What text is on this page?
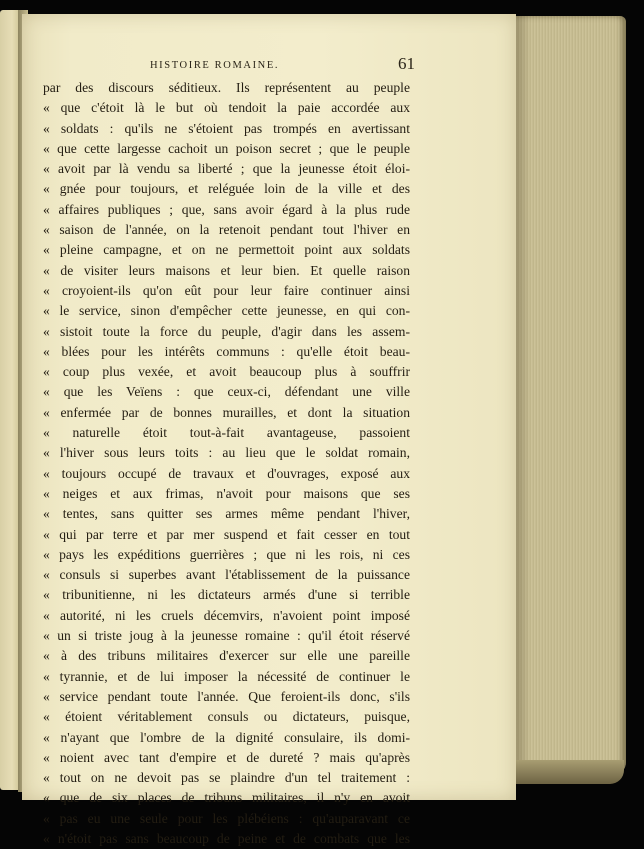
HISTOIRE ROMAINE.	61
par des discours séditieux. Ils représentent au peuple
« que c'étoit là le but où tendoit la paie accordée aux
« soldats : qu'ils ne s'étoient pas trompés en avertissant
« que cette largesse cachoit un poison secret ; que le peuple
« avoit par là vendu sa liberté ; que la jeunesse étoit éloi-
« gnée pour toujours, et reléguée loin de la ville et des
« affaires publiques ; que, sans avoir égard à la plus rude
« saison de l'année, on la retenoit pendant tout l'hiver en
« pleine campagne, et on ne permettoit point aux soldats
« de visiter leurs maisons et leur bien. Et quelle raison
« croyoient-ils qu'on eût pour leur faire continuer ainsi
« le service, sinon d'empêcher cette jeunesse, en qui con-
« sistoit toute la force du peuple, d'agir dans les assem-
« blées pour les intérêts communs : qu'elle étoit beau-
« coup plus vexée, et avoit beaucoup plus à souffrir
« que les Veïens : que ceux-ci, défendant une ville
« enfermée par de bonnes murailles, et dont la situation
« naturelle étoit tout-à-fait avantageuse, passoient
« l'hiver sous leurs toits : au lieu que le soldat romain,
« toujours occupé de travaux et d'ouvrages, exposé aux
« neiges et aux frimas, n'avoit pour maisons que ses
« tentes, sans quitter ses armes même pendant l'hiver,
« qui par terre et par mer suspend et fait cesser en tout
« pays les expéditions guerrières ; que ni les rois, ni ces
« consuls si superbes avant l'établissement de la puissance
« tribunitienne, ni les dictateurs armés d'une si terrible
« autorité, ni les cruels décemvirs, n'avoient point imposé
« un si triste joug à la jeunesse romaine : qu'il étoit réservé
« à des tribuns militaires d'exercer sur elle une pareille
« tyrannie, et de lui imposer la nécessité de continuer le
« service pendant toute l'année. Que feroient-ils donc, s'ils
« étoient véritablement consuls ou dictateurs, puisque,
« n'ayant que l'ombre de la dignité consulaire, ils domi-
« noient avec tant d'empire et de dureté ? mais qu'après
« tout on ne devoit pas se plaindre d'un tel traitement :
« que de six places de tribuns militaires, il n'y en avoit
« pas eu une seule pour les plébéiens : qu'auparavant ce
« n'étoit pas sans beaucoup de peine et de combats que les
